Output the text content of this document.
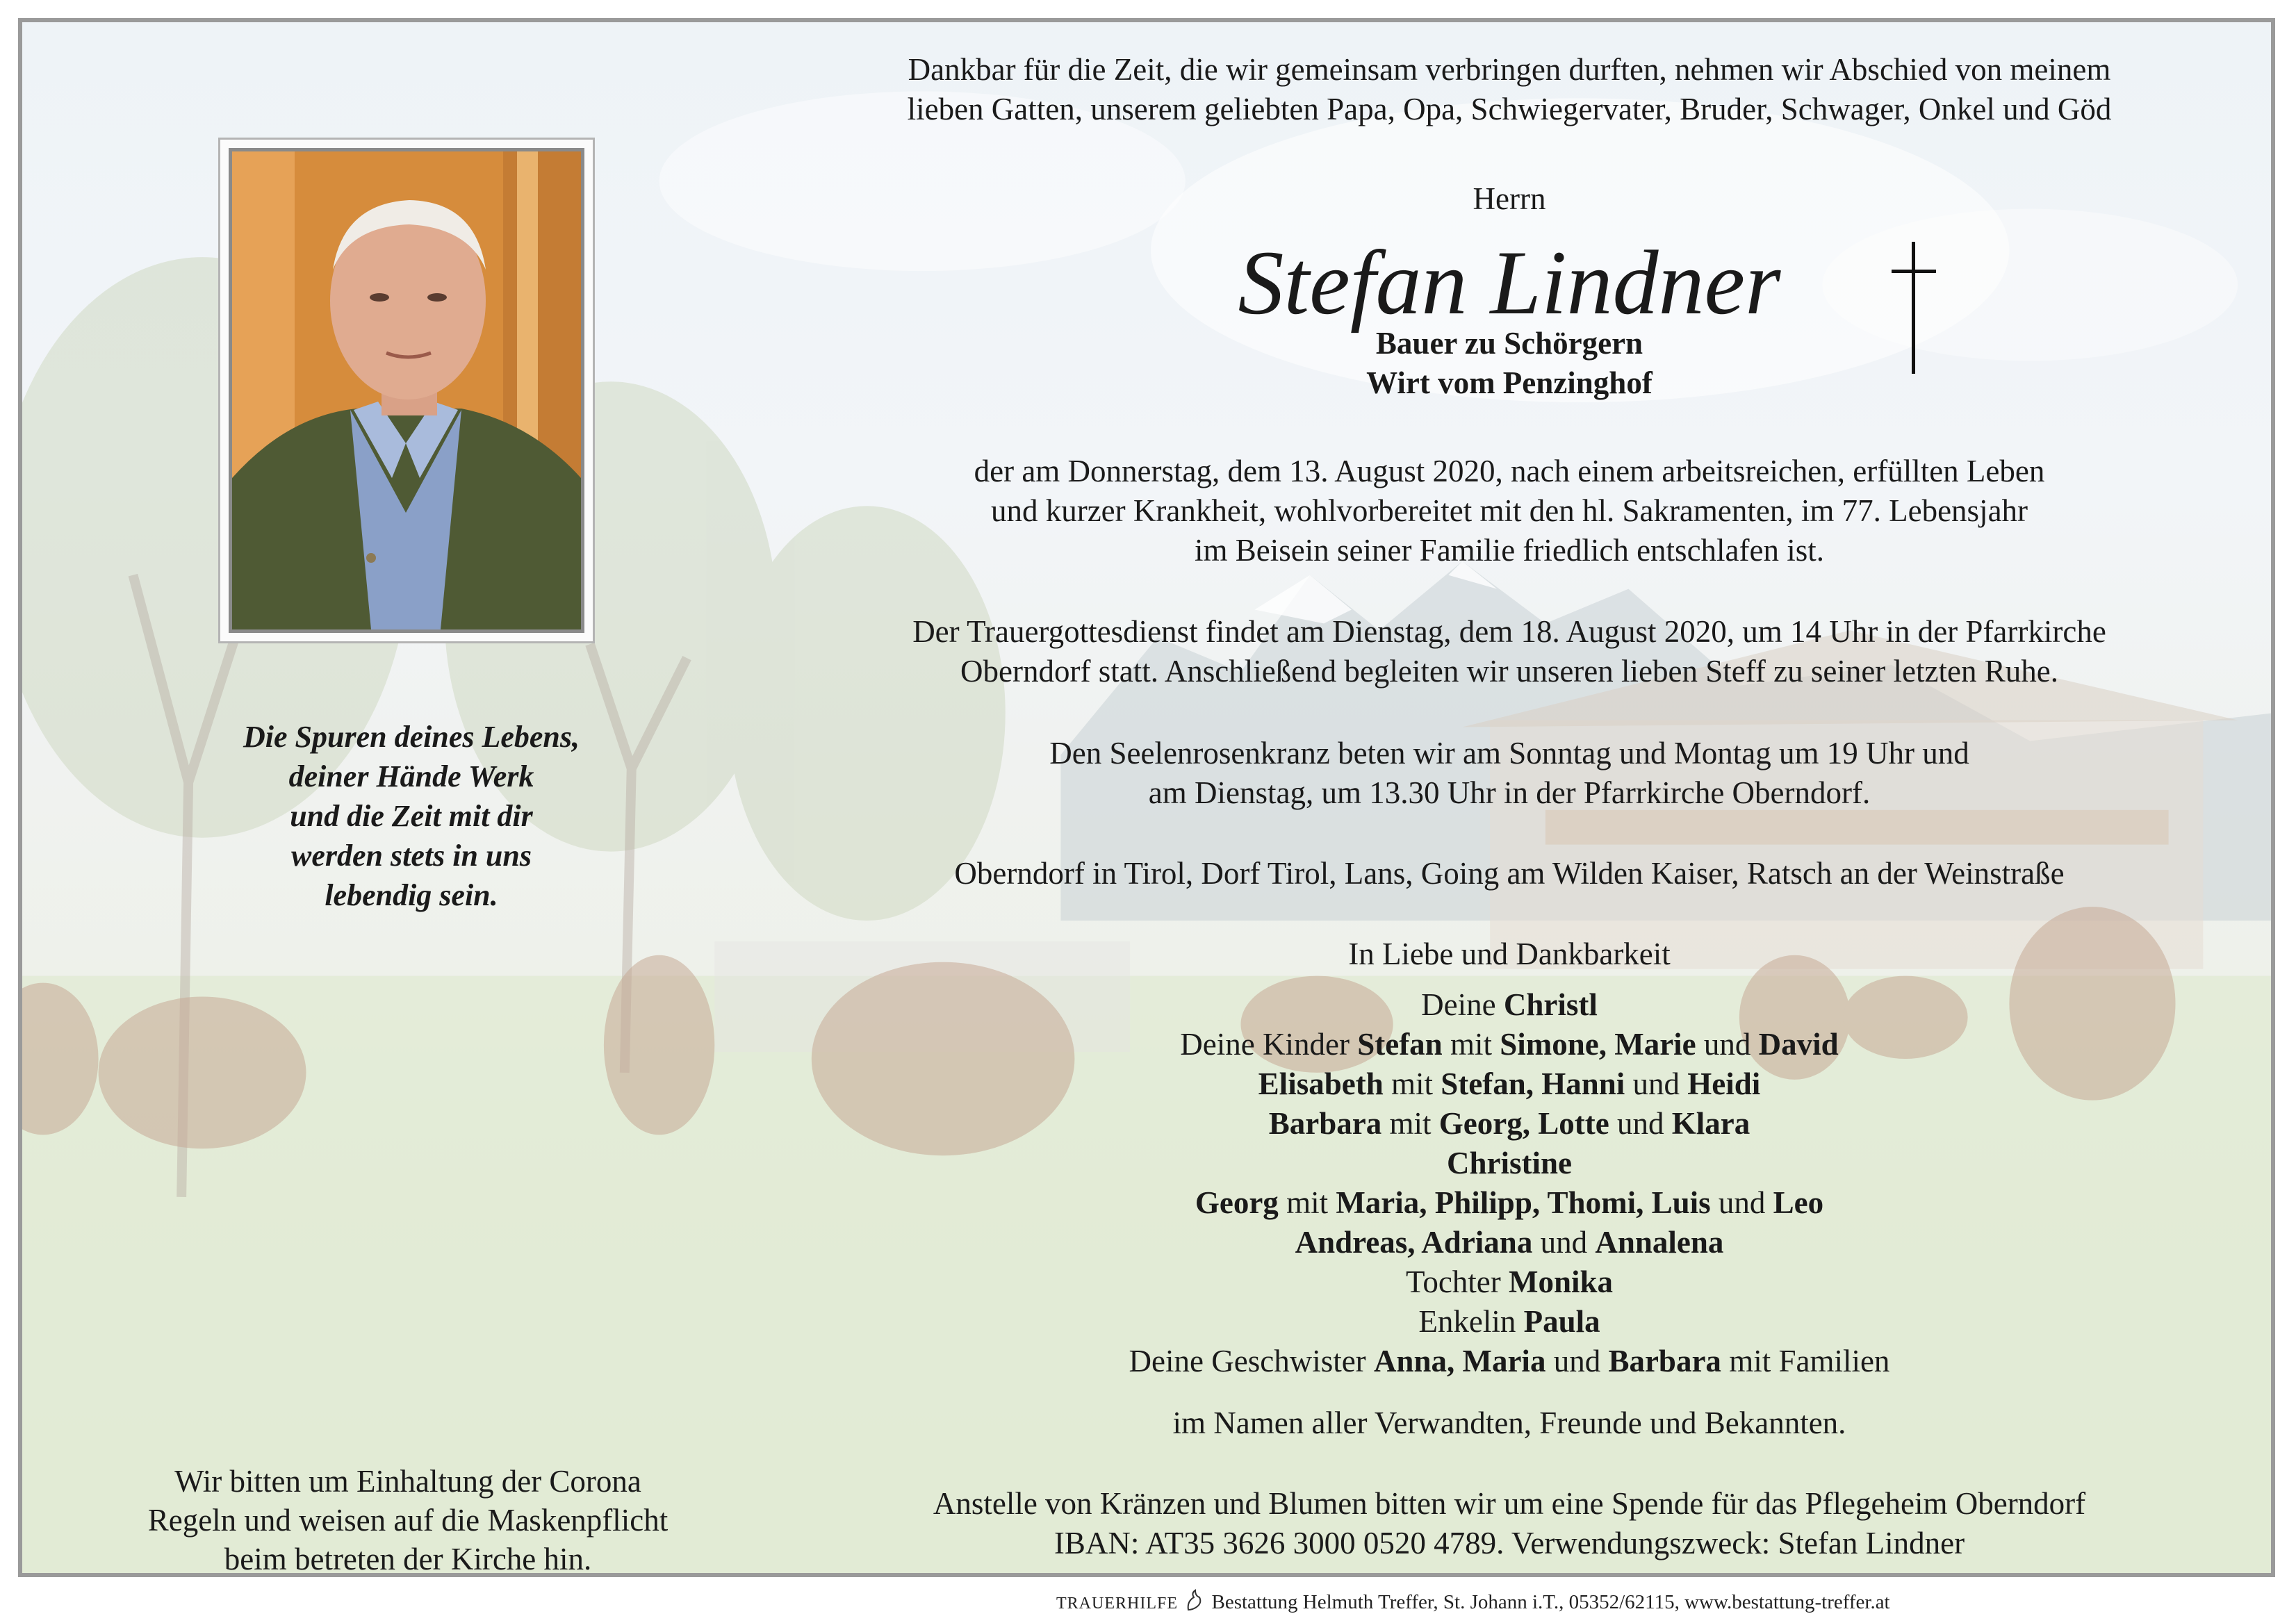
Die Spuren deines Lebens,
deiner Hände Werk
und die Zeit mit dir
werden stets in uns
lebendig sein.
Wir bitten um Einhaltung der Corona
Regeln und weisen auf die Maskenpflicht
beim betreten der Kirche hin.
Dankbar für die Zeit, die wir gemeinsam verbringen durften, nehmen wir Abschied von meinem
lieben Gatten, unserem geliebten Papa, Opa, Schwiegervater, Bruder, Schwager, Onkel und Göd
Herrn
Stefan Lindner
Bauer zu Schörgern
Wirt vom Penzinghof
der am Donnerstag, dem 13. August 2020, nach einem arbeitsreichen, erfüllten Leben
und kurzer Krankheit, wohlvorbereitet mit den hl. Sakramenten, im 77. Lebensjahr
im Beisein seiner Familie friedlich entschlafen ist.
Der Trauergottesdienst findet am Dienstag, dem 18. August 2020, um 14 Uhr in der Pfarrkirche
Oberndorf statt. Anschließend begleiten wir unseren lieben Steff zu seiner letzten Ruhe.
Den Seelenrosenkranz beten wir am Sonntag und Montag um 19 Uhr und
am Dienstag, um 13.30 Uhr in der Pfarrkirche Oberndorf.
Oberndorf in Tirol, Dorf Tirol, Lans, Going am Wilden Kaiser, Ratsch an der Weinstraße
In Liebe und Dankbarkeit
Deine Christl
Deine Kinder Stefan mit Simone, Marie und David
Elisabeth mit Stefan, Hanni und Heidi
Barbara mit Georg, Lotte und Klara
Christine
Georg mit Maria, Philipp, Thomi, Luis und Leo
Andreas, Adriana und Annalena
Tochter Monika
Enkelin Paula
Deine Geschwister Anna, Maria und Barbara mit Familien
im Namen aller Verwandten, Freunde und Bekannten.
Anstelle von Kränzen und Blumen bitten wir um eine Spende für das Pflegeheim Oberndorf
IBAN: AT35 3626 3000 0520 4789. Verwendungszweck: Stefan Lindner
TRAUERHILFE Bestattung Helmuth Treffer, St. Johann i.T., 05352/62115, www.bestattung-treffer.at
